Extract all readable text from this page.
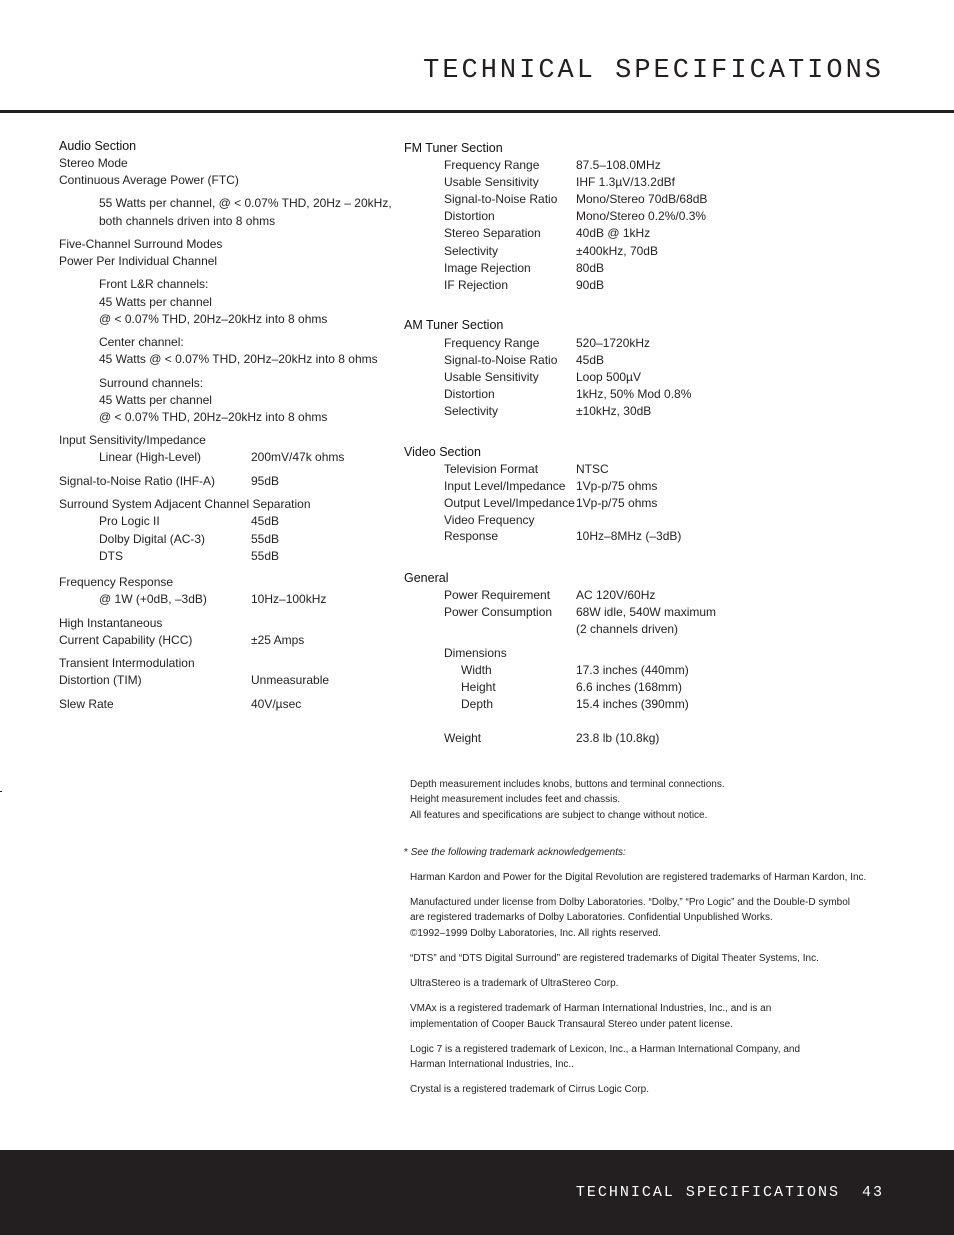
TECHNICAL SPECIFICATIONS
Audio Section
Stereo Mode
Continuous Average Power (FTC)
55 Watts per channel, @ < 0.07% THD, 20Hz – 20kHz,
both channels driven into 8 ohms
Five-Channel Surround Modes
Power Per Individual Channel
Front L&R channels:
45 Watts per channel
@ < 0.07% THD, 20Hz–20kHz into 8 ohms
Center channel:
45 Watts @ < 0.07% THD, 20Hz–20kHz into 8 ohms
Surround channels:
45 Watts per channel
@ < 0.07% THD, 20Hz–20kHz into 8 ohms
Input Sensitivity/Impedance
Linear (High-Level)	200mV/47k ohms
Signal-to-Noise Ratio (IHF-A)	95dB
Surround System Adjacent Channel Separation
Pro Logic II	45dB
Dolby Digital (AC-3)	55dB
DTS	55dB
Frequency Response
@ 1W (+0dB, –3dB)	10Hz–100kHz
High Instantaneous
Current Capability (HCC)	±25 Amps
Transient Intermodulation
Distortion (TIM)	Unmeasurable
Slew Rate	40V/µsec
FM Tuner Section
Frequency Range	87.5–108.0MHz
Usable Sensitivity	IHF 1.3µV/13.2dBf
Signal-to-Noise Ratio Mono/Stereo 70dB/68dB
Distortion	Mono/Stereo 0.2%/0.3%
Stereo Separation	40dB @ 1kHz
Selectivity	±400kHz, 70dB
Image Rejection	80dB
IF Rejection	90dB
AM Tuner Section
Frequency Range	520–1720kHz
Signal-to-Noise Ratio 45dB
Usable Sensitivity	Loop 500µV
Distortion	1kHz, 50% Mod 0.8%
Selectivity	±10kHz, 30dB
Video Section
Television Format	NTSC
Input Level/Impedance 1Vp-p/75 ohms
Output Level/Impedance 1Vp-p/75 ohms
Video Frequency
Response	10Hz–8MHz (–3dB)
General
Power Requirement AC 120V/60Hz
Power Consumption 68W idle, 540W maximum
(2 channels driven)
Dimensions
Width	17.3 inches (440mm)
Height	6.6 inches (168mm)
Depth	15.4 inches (390mm)
Weight	23.8 lb (10.8kg)
Depth measurement includes knobs, buttons and terminal connections.
Height measurement includes feet and chassis.
All features and specifications are subject to change without notice.
* See the following trademark acknowledgements:
Harman Kardon and Power for the Digital Revolution are registered trademarks of Harman Kardon, Inc.
Manufactured under license from Dolby Laboratories. “Dolby,” “Pro Logic” and the Double-D symbol
are registered trademarks of Dolby Laboratories. Confidential Unpublished Works.
©1992–1999 Dolby Laboratories, Inc. All rights reserved.
“DTS” and “DTS Digital Surround” are registered trademarks of Digital Theater Systems, Inc.
UltraStereo is a trademark of UltraStereo Corp.
VMAx is a registered trademark of Harman International Industries, Inc., and is an
implementation of Cooper Bauck Transaural Stereo under patent license.
Logic 7 is a registered trademark of Lexicon, Inc., a Harman International Company, and
Harman International Industries, Inc..
Crystal is a registered trademark of Cirrus Logic Corp.
TECHNICAL SPECIFICATIONS 43
